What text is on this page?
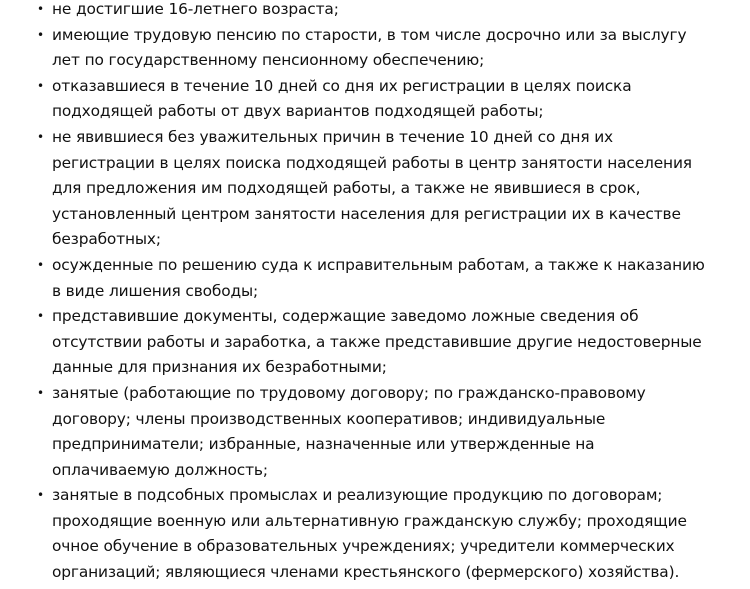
• не достигшие 16-летнего возраста;
• имеющие трудовую пенсию по старости, в том числе досрочно или за выслугу
лет по государственному пенсионному обеспечению;
• отказавшиеся в течение 10 дней со дня их регистрации в целях поиска
подходящей работы от двух вариантов подходящей работы;
• не явившиеся без уважительных причин в течение 10 дней со дня их
регистрации в целях поиска подходящей работы в центр занятости населения
для предложения им подходящей работы, а также не явившиеся в срок,
установленный центром занятости населения для регистрации их в качестве
безработных;
• осужденные по решению суда к исправительным работам, а также к наказанию
в виде лишения свободы;
• представившие документы, содержащие заведомо ложные сведения об
отсутствии работы и заработка, а также представившие другие недостоверные
данные для признания их безработными;
• занятые (работающие по трудовому договору; по гражданско-правовому
договору; члены производственных кооперативов; индивидуальные
предприниматели; избранные, назначенные или утвержденные на
оплачиваемую должность;
• занятые в подсобных промыслах и реализующие продукцию по договорам;
проходящие военную или альтернативную гражданскую службу; проходящие
очное обучение в образовательных учреждениях; учредители коммерческих
организаций; являющиеся членами крестьянского (фермерского) хозяйства).
